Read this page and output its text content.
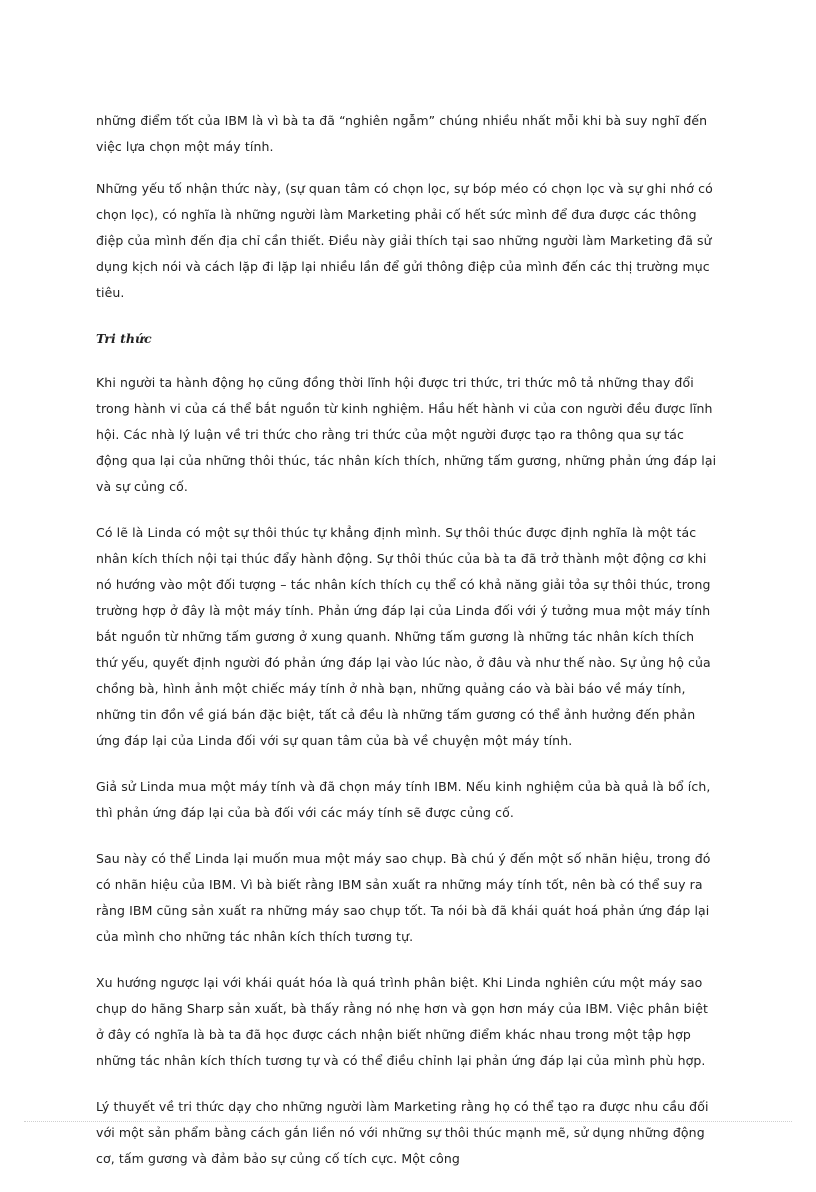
những điểm tốt của IBM là vì bà ta đã “nghiên ngẫm” chúng nhiều nhất mỗi khi bà suy nghĩ đến việc lựa chọn một máy tính.

Những yếu tố nhận thức này, (sự quan tâm có chọn lọc, sự bóp méo có chọn lọc và sự ghi nhớ có chọn lọc), có nghĩa là những người làm Marketing phải cố hết sức mình để đưa được các thông điệp của mình đến địa chỉ cần thiết. Điều này giải thích tại sao những người làm Marketing đã sử dụng kịch nói và cách lặp đi lặp lại nhiều lần để gửi thông điệp của mình đến các thị trường mục tiêu.

Tri thức

Khi người ta hành động họ cũng đồng thời lĩnh hội được tri thức, tri thức mô tả những thay đổi trong hành vi của cá thể bắt nguồn từ kinh nghiệm. Hầu hết hành vi của con người đều được lĩnh hội. Các nhà lý luận về tri thức cho rằng tri thức của một người được tạo ra thông qua sự tác động qua lại của những thôi thúc, tác nhân kích thích, những tấm gương, những phản ứng đáp lại và sự củng cố.

Có lẽ là Linda có một sự thôi thúc tự khẳng định mình. Sự thôi thúc được định nghĩa là một tác nhân kích thích nội tại thúc đẩy hành động. Sự thôi thúc của bà ta đã trở thành một động cơ khi nó hướng vào một đối tượng – tác nhân kích thích cụ thể có khả năng giải tỏa sự thôi thúc, trong trường hợp ở đây là một máy tính. Phản ứng đáp lại của Linda đối với ý tưởng mua một máy tính bắt nguồn từ những tấm gương ở xung quanh. Những tấm gương là những tác nhân kích thích thứ yếu, quyết định người đó phản ứng đáp lại vào lúc nào, ở đâu và như thế nào. Sự ủng hộ của chồng bà, hình ảnh một chiếc máy tính ở nhà bạn, những quảng cáo và bài báo về máy tính, những tin đồn về giá bán đặc biệt, tất cả đều là những tấm gương có thể ảnh hưởng đến phản ứng đáp lại của Linda đối với sự quan tâm của bà về chuyện một máy tính.

Giả sử Linda mua một máy tính và đã chọn máy tính IBM. Nếu kinh nghiệm của bà quả là bổ ích, thì phản ứng đáp lại của bà đối với các máy tính sẽ được củng cố.

Sau này có thể Linda lại muốn mua một máy sao chụp. Bà chú ý đến một số nhãn hiệu, trong đó có nhãn hiệu của IBM. Vì bà biết rằng IBM sản xuất ra những máy tính tốt, nên bà có thể suy ra rằng IBM cũng sản xuất ra những máy sao chụp tốt. Ta nói bà đã khái quát hoá phản ứng đáp lại của mình cho những tác nhân kích thích tương tự.

Xu hướng ngược lại với khái quát hóa là quá trình phân biệt. Khi Linda nghiên cứu một máy sao chụp do hãng Sharp sản xuất, bà thấy rằng nó nhẹ hơn và gọn hơn máy của IBM. Việc phân biệt ở đây có nghĩa là bà ta đã học được cách nhận biết những điểm khác nhau trong một tập hợp những tác nhân kích thích tương tự và có thể điều chỉnh lại phản ứng đáp lại của mình phù hợp.

Lý thuyết về tri thức dạy cho những người làm Marketing rằng họ có thể tạo ra được nhu cầu đối với một sản phẩm bằng cách gắn liền nó với những sự thôi thúc mạnh mẽ, sử dụng những động cơ, tấm gương và đảm bảo sự củng cố tích cực. Một công
